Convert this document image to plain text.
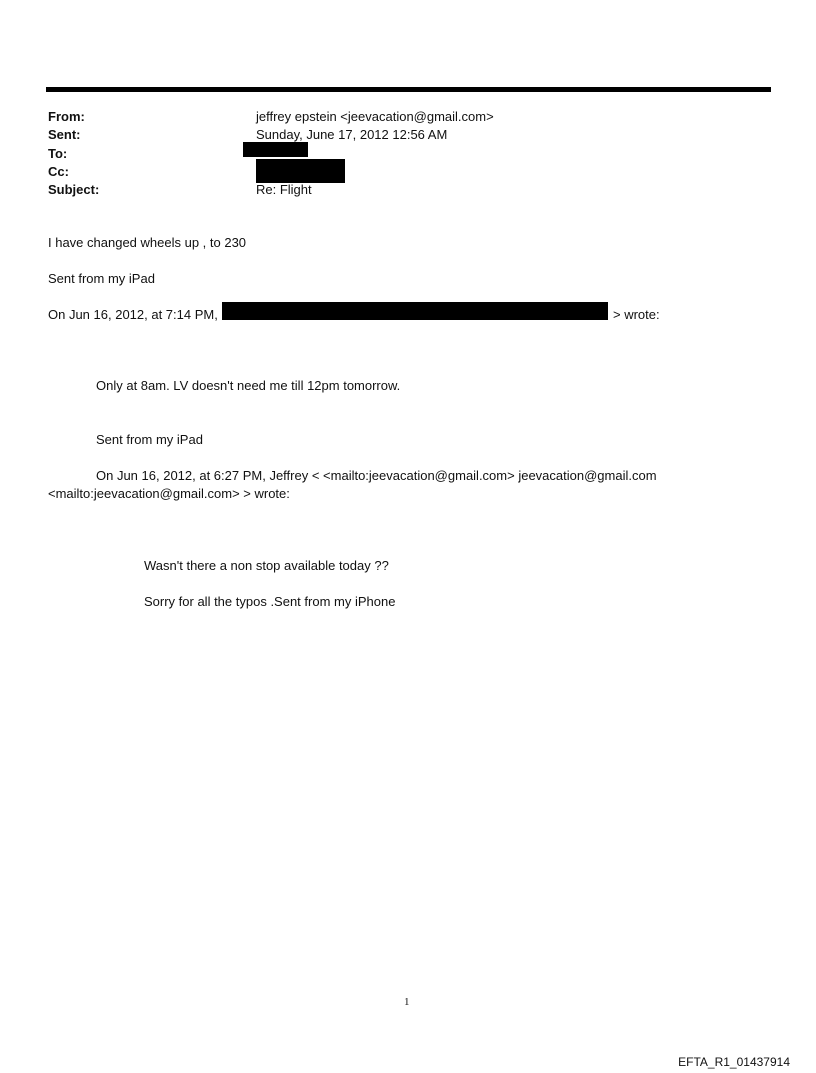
From:	jeffrey epstein <jeevacation@gmail.com>
Sent:	Sunday, June 17, 2012 12:56 AM
To:
Cc:
Subject:	Re: Flight
I have changed wheels up , to 230
Sent from my iPad
On Jun 16, 2012, at 7:14 PM,	> wrote:
Only at 8am. LV doesn't need me till 12pm tomorrow.
Sent from my iPad
On Jun 16, 2012, at 6:27 PM, Jeffrey < <mailto:jeevacation@gmail.com> jeevacation@gmail.com
<mailto:jeevacation@gmail.com> > wrote:
Wasn't there a non stop available today ??
Sorry for all the typos .Sent from my iPhone
1
EFTA_R1_01437914
